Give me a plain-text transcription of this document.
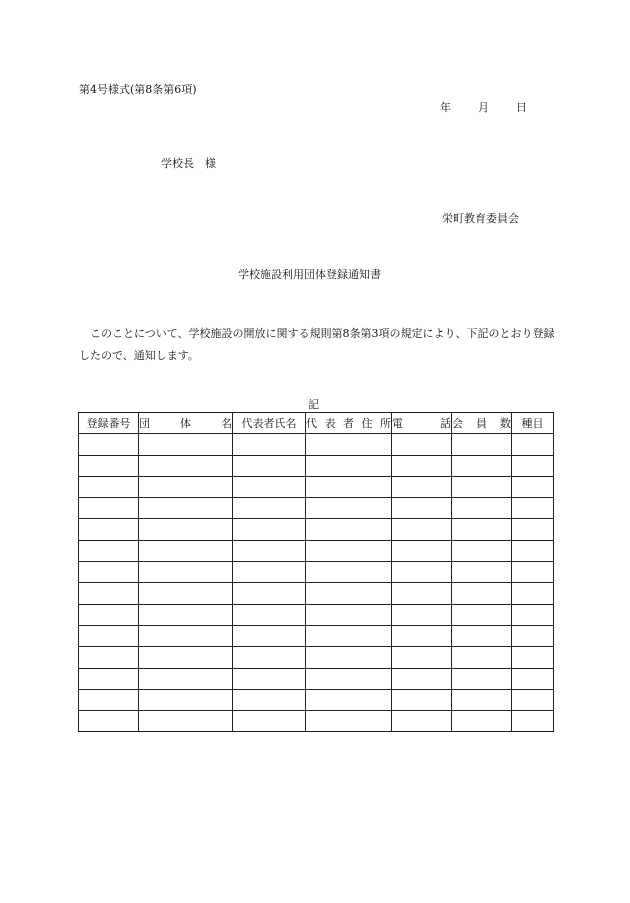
第4号様式(第8条第6項)
年 月 日
学校長　様
栄町教育委員会
学校施設利用団体登録通知書
このことについて、学校施設の開放に関する規則第8条第3項の規定により、下記のとおり登録したので、通知します。
記
登録番号	団　体　名	代表者氏名	代表者住所	電　話	会員数	種目
